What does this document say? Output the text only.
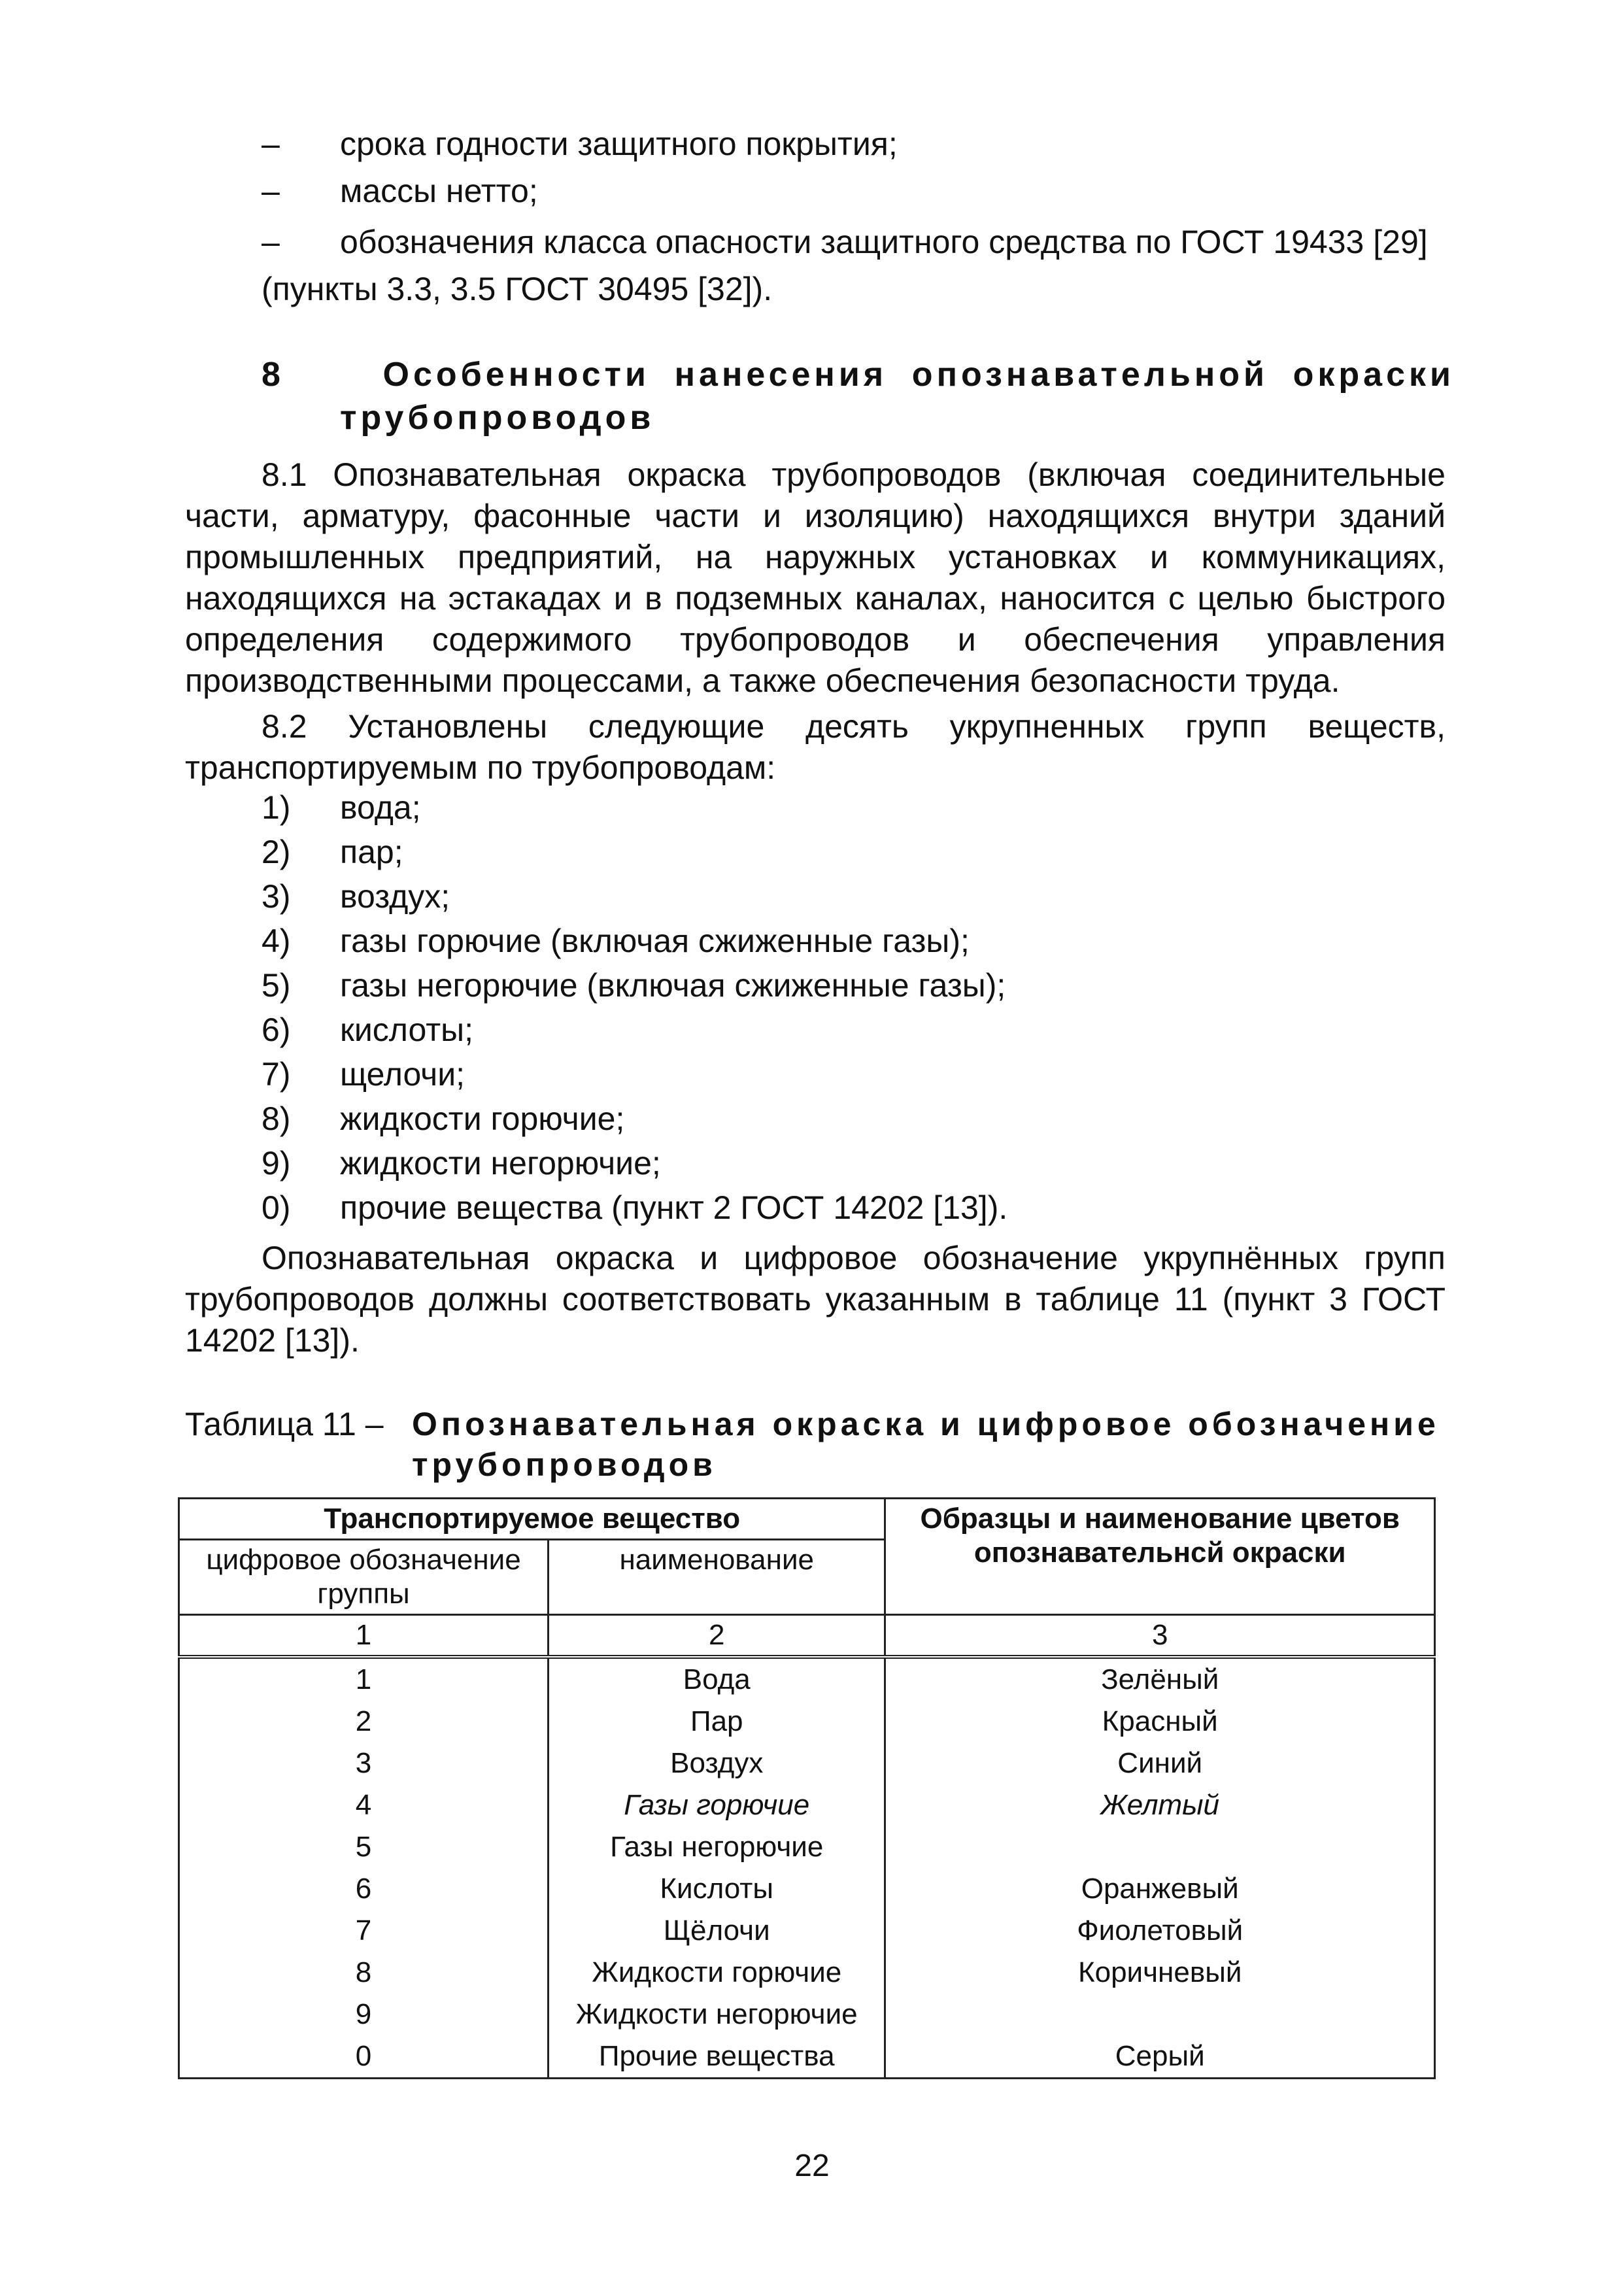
– срока годности защитного покрытия;
– массы нетто;
– обозначения класса опасности защитного средства по ГОСТ 19433 [29]
(пункты 3.3, 3.5 ГОСТ 30495 [32]).
8	Особенности нанесения опознавательной окраски
трубопроводов

8.1 Опознавательная окраска трубопроводов (включая соединительные части, арматуру, фасонные части и изоляцию) находящихся внутри зданий промышленных предприятий, на наружных установках и коммуникациях, находящихся на эстакадах и в подземных каналах, наносится с целью быстрого определения содержимого трубопроводов и обеспечения управления производственными процессами, а также обеспечения безопасности труда.

8.2 Установлены следующие десять укрупненных групп веществ, транспортируемым по трубопроводам:

1) вода;
2) пар;
3) воздух;
4) газы горючие (включая сжиженные газы);
5) газы негорючие (включая сжиженные газы);
6) кислоты;
7) щелочи;
8) жидкости горючие;
9) жидкости негорючие;
0) прочие вещества (пункт 2 ГОСТ 14202 [13]).

Опознавательная окраска и цифровое обозначение укрупнённых групп трубопроводов должны соответствовать указанным в таблице 11 (пункт 3 ГОСТ 14202 [13]).

Таблица 11 – Опознавательная окраска и цифровое обозначение
трубопроводов
Транспортируемое вещество		Образцы и наименование цветов опознавательнсй окраски
цифровое обозначение группы	наименование	
1	2	3
1	Вода	Зелёный
2	Пар	Красный
3	Воздух	Синий
4	Газы горючие	Желтый
5	Газы негорючие	
6	Кислоты	Оранжевый
7	Щёлочи	Фиолетовый
8	Жидкости горючие	Коричневый
9	Жидкости негорючие	
0	Прочие вещества	Серый
22
